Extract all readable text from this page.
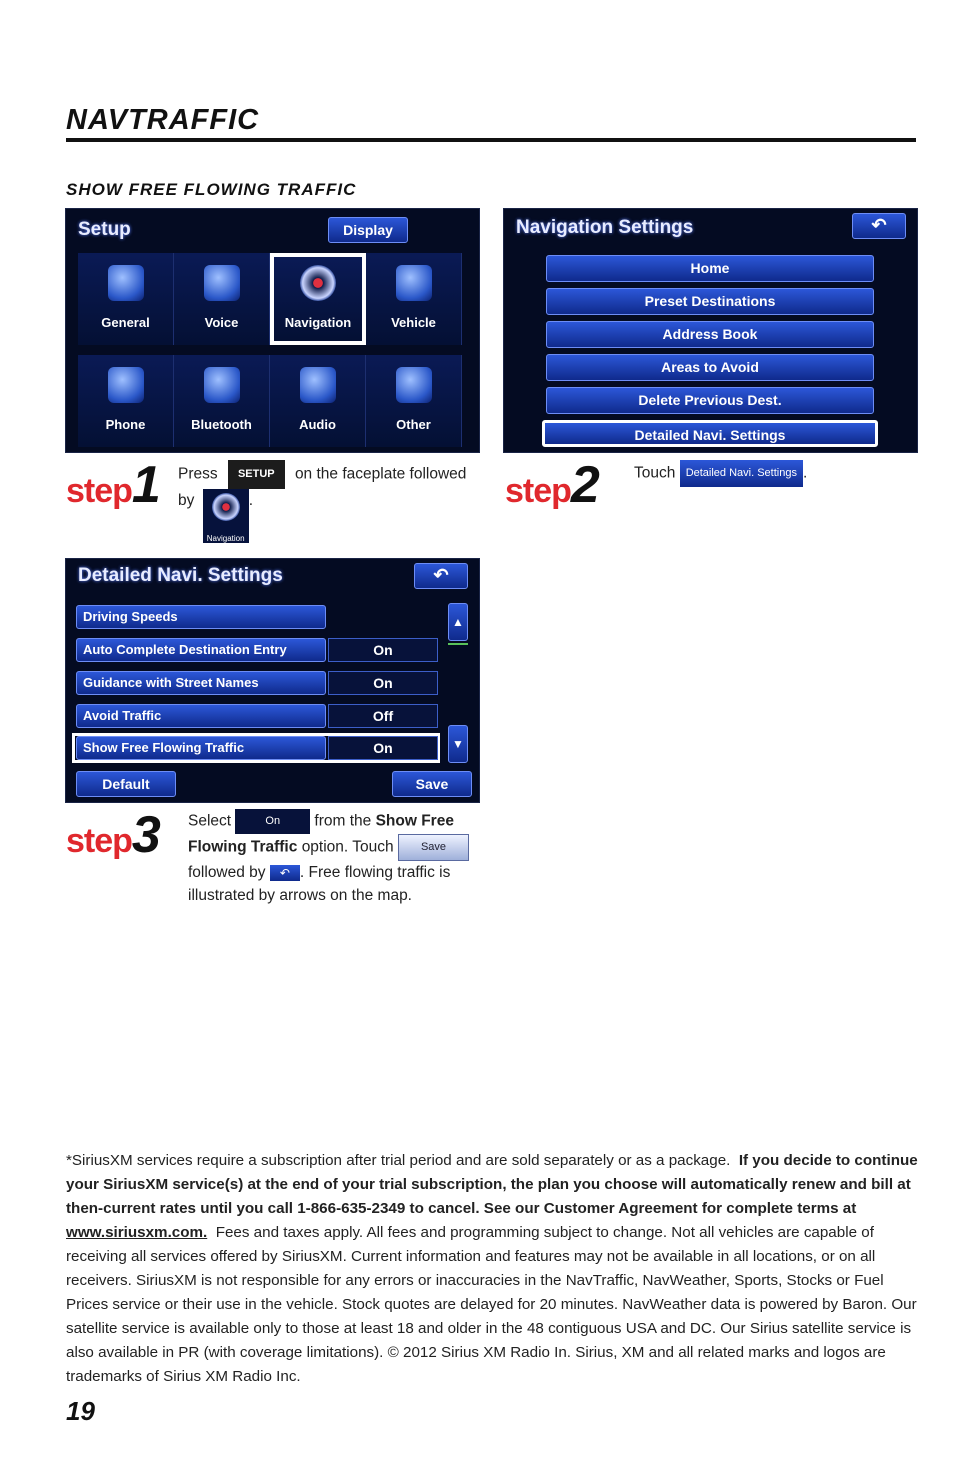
NAVTRAFFIC
SHOW FREE FLOWING TRAFFIC
Setup	Display
General	Voice	Navigation	Vehicle
Phone	Bluetooth	Audio	Other
Navigation Settings	↶
Home
Preset Destinations
Address Book
Areas to Avoid
Delete Previous Dest.
Detailed Navi. Settings
step1 Press SETUP on the faceplate followed
by
Navigation
.	step2 Touch Detailed Navi. Settings .
Detailed Navi. Settings	↶
Driving Speeds
Auto Complete Destination Entry	On
Guidance with Street Names	On
Avoid Traffic	Off
Show Free Flowing Traffic	On
▲
▼
Default	Save
step3 Select	On from the Show Free Flowing Traffic option. Touch Save followed by ↶ . Free flowing traffic is illustrated by arrows on the map.
*SiriusXM services require a subscription after trial period and are sold separately or as a package. If you decide to continue your SiriusXM service(s) at the end of your trial subscription, the plan you choose will automatically renew and bill at then-current rates until you call 1-866-635-2349 to cancel. See our Customer Agreement for complete terms at www.siriusxm.com. Fees and taxes apply. All fees and programming subject to change. Not all vehicles are capable of receiving all services offered by SiriusXM. Current information and features may not be available in all locations, or on all receivers. SiriusXM is not responsible for any errors or inaccuracies in the NavTraffic, NavWeather, Sports, Stocks or Fuel Prices service or their use in the vehicle. Stock quotes are delayed for 20 minutes. NavWeather data is powered by Baron. Our satellite service is available only to those at least 18 and older in the 48 contiguous USA and DC. Our Sirius satellite service is also available in PR (with coverage limitations). © 2012 Sirius XM Radio In. Sirius, XM and all related marks and logos are trademarks of Sirius XM Radio Inc.
19
